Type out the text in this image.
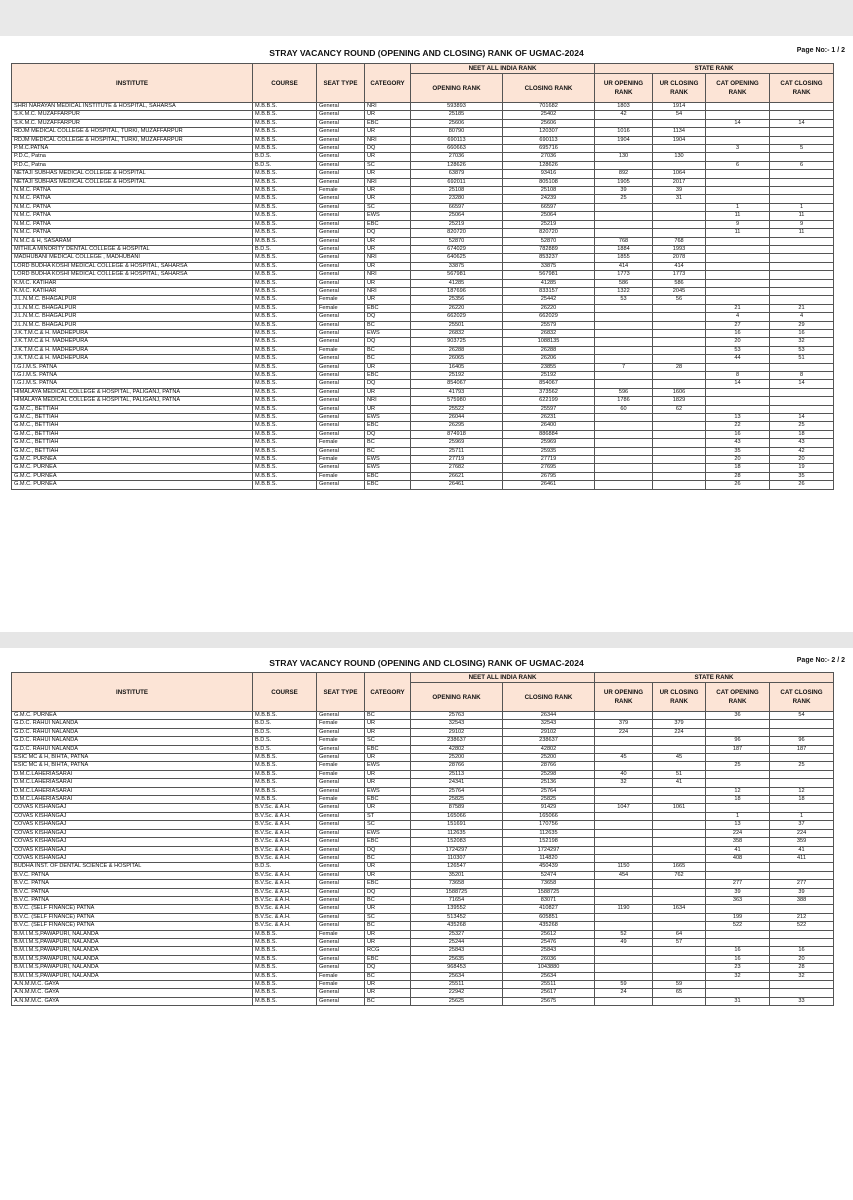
STRAY VACANCY ROUND (OPENING AND CLOSING) RANK OF UGMAC-2024	Page No:- 1 / 2
INSTITUTE	COURSE	SEAT TYPE	CATEGORY	NEET ALL INDIA RANK		STATE RANK			
				OPENING RANK	CLOSING RANK	UR OPENING RANK	UR CLOSING RANK	CAT OPENING RANK	CAT CLOSING RANK
SHRI NARAYAN MEDICAL INSTITUTE & HOSPITAL, SAHARSA	M.B.B.S.	General	NRI	593893	701682	1803	1914		
S.K.M.C. MUZAFFARPUR	M.B.B.S.	General	UR	25185	25402	42	54		
S.K.M.C. MUZAFFARPUR	M.B.B.S.	General	EBC	25606	25606			14	14
RDJM MEDICAL COLLEGE & HOSPITAL, TURKI, MUZAFFARPUR	M.B.B.S.	General	UR	80790	120307	1016	1134		
RDJM MEDICAL COLLEGE & HOSPITAL, TURKI, MUZAFFARPUR	M.B.B.S.	General	NRI	690113	690113	1904	1904		
P.M.C.PATNA	M.B.B.S.	General	DQ	660663	695716			3	5
P.D.C, Patna	B.D.S.	General	UR	27036	27036	130	130		
P.D.C, Patna	B.D.S.	General	SC	128626	128626			6	6
NETAJI SUBHAS MEDICAL COLLEGE & HOSPITAL	M.B.B.S.	General	UR	63879	93416	892	1064		
NETAJI SUBHAS MEDICAL COLLEGE & HOSPITAL	M.B.B.S.	General	NRI	692011	805108	1905	2017		
N.M.C. PATNA	M.B.B.S.	Female	UR	25108	25108	39	39		
N.M.C. PATNA	M.B.B.S.	General	UR	23280	24239	25	31		
N.M.C. PATNA	M.B.B.S.	General	SC	66597	66597			1	1
N.M.C. PATNA	M.B.B.S.	General	EWS	25064	25064			11	11
N.M.C. PATNA	M.B.B.S.	General	EBC	25219	25219			9	9
N.M.C. PATNA	M.B.B.S.	General	DQ	820720	820720			11	11
N.M.C & H, SASARAM	M.B.B.S.	General	UR	52870	52870	768	768		
MITHILA MINORITY DENTAL COLLEGE & HOSPITAL	B.D.S.	General	UR	674029	782889	1884	1993		
MADHUBANI MEDICAL COLLEGE , MADHUBANI	M.B.B.S.	General	NRI	640625	853237	1855	2078		
LORD BUDHA KOSHI MEDICAL COLLEGE & HOSPITAL, SAHARSA	M.B.B.S.	General	UR	33875	33875	414	414		
LORD BUDHA KOSHI MEDICAL COLLEGE & HOSPITAL, SAHARSA	M.B.B.S.	General	NRI	567981	567981	1773	1773		
K.M.C. KATIHAR	M.B.B.S.	General	UR	41285	41285	586	586		
K.M.C. KATIHAR	M.B.B.S.	General	NRI	187696	833157	1322	2045		
J.L.N.M.C. BHAGALPUR	M.B.B.S.	Female	UR	25356	25442	53	56		
J.L.N.M.C. BHAGALPUR	M.B.B.S.	Female	EBC	26220	26220			21	21
J.L.N.M.C. BHAGALPUR	M.B.B.S.	General	DQ	662029	662029			4	4
J.L.N.M.C. BHAGALPUR	M.B.B.S.	General	BC	25501	25579			27	29
J.K.T.M.C.& H. MADHEPURA	M.B.B.S.	General	EWS	26832	26832			16	16
J.K.T.M.C.& H. MADHEPURA	M.B.B.S.	General	DQ	903725	1088135			20	32
J.K.T.M.C.& H. MADHEPURA	M.B.B.S.	Female	BC	26288	26288			53	53
J.K.T.M.C.& H. MADHEPURA	M.B.B.S.	General	BC	26065	26206			44	51
I.G.I.M.S. PATNA	M.B.B.S.	General	UR	16405	23855	7	28		
I.G.I.M.S. PATNA	M.B.B.S.	General	EBC	25192	25192			8	8
I.G.I.M.S. PATNA	M.B.B.S.	General	DQ	854067	854067			14	14
HIMALAYA MEDICAL COLLEGE & HOSPITAL, PALIGANJ, PATNA	M.B.B.S.	General	UR	41793	373562	596	1606		
HIMALAYA MEDICAL COLLEGE & HOSPITAL, PALIGANJ, PATNA	M.B.B.S.	General	NRI	575980	622199	1786	1829		
G.M.C., BETTIAH	M.B.B.S.	General	UR	25522	25597	60	62		
G.M.C., BETTIAH	M.B.B.S.	General	EWS	26044	26231			13	14
G.M.C., BETTIAH	M.B.B.S.	General	EBC	26295	26400			22	25
G.M.C., BETTIAH	M.B.B.S.	General	DQ	874918	886884			16	18
G.M.C., BETTIAH	M.B.B.S.	Female	BC	25969	25969			43	43
G.M.C., BETTIAH	M.B.B.S.	General	BC	25711	25935			35	42
G.M.C. PURNEA	M.B.B.S.	Female	EWS	27719	27719			20	20
G.M.C. PURNEA	M.B.B.S.	General	EWS	27682	27695			18	19
G.M.C. PURNEA	M.B.B.S.	Female	EBC	26621	26795			28	35
G.M.C. PURNEA	M.B.B.S.	General	EBC	26461	26461			26	26
STRAY VACANCY ROUND (OPENING AND CLOSING) RANK OF UGMAC-2024	Page No:- 2 / 2
INSTITUTE	COURSE	SEAT TYPE	CATEGORY	NEET ALL INDIA RANK		STATE RANK			
				OPENING RANK	CLOSING RANK	UR OPENING RANK	UR CLOSING RANK	CAT OPENING RANK	CAT CLOSING RANK
G.M.C. PURNEA	M.B.B.S.	General	BC	25763	26344			36	54
G.D.C. RAHUI NALANDA	B.D.S.	Female	UR	32543	32543	379	379		
G.D.C. RAHUI NALANDA	B.D.S.	General	UR	29102	29102	224	224		
G.D.C. RAHUI NALANDA	B.D.S.	Female	SC	238637	238637			96	96
G.D.C. RAHUI NALANDA	B.D.S.	General	EBC	42802	42802			187	187
ESIC MC & H, BIHTA, PATNA	M.B.B.S.	General	UR	25200	25200	45	45		
ESIC MC & H, BIHTA, PATNA	M.B.B.S.	Female	EWS	28766	28766			25	25
D.M.C.LAHERIASARAI	M.B.B.S.	Female	UR	25113	25298	40	51		
D.M.C.LAHERIASARAI	M.B.B.S.	General	UR	24341	25136	32	41		
D.M.C.LAHERIASARAI	M.B.B.S.	General	EWS	25764	25764			12	12
D.M.C.LAHERIASARAI	M.B.B.S.	Female	EBC	25825	25825			18	18
COVAS KISHANGAJ	B.V.Sc. & A.H.	General	UR	87589	91429	1047	1061		
COVAS KISHANGAJ	B.V.Sc. & A.H.	General	ST	165066	165066			1	1
COVAS KISHANGAJ	B.V.Sc. & A.H.	General	SC	151691	170756			13	37
COVAS KISHANGAJ	B.V.Sc. & A.H.	General	EWS	112635	112635			224	224
COVAS KISHANGAJ	B.V.Sc. & A.H.	General	EBC	152083	152198			358	359
COVAS KISHANGAJ	B.V.Sc. & A.H.	General	DQ	1724297	1724297			41	41
COVAS KISHANGAJ	B.V.Sc. & A.H.	General	BC	110307	114820			408	411
BUDHA INST. OF DENTAL SCIENCE & HOSPITAL	B.D.S.	General	UR	126547	450439	1150	1665		
B.V.C. PATNA	B.V.Sc. & A.H.	General	UR	35201	52474	454	762		
B.V.C. PATNA	B.V.Sc. & A.H.	General	EBC	73658	73658			277	277
B.V.C. PATNA	B.V.Sc. & A.H.	General	DQ	1588725	1588725			39	39
B.V.C. PATNA	B.V.Sc. & A.H.	General	BC	71654	83071			363	388
B.V.C. (SELF FINANCE) PATNA	B.V.Sc. & A.H.	General	UR	139552	410827	1190	1634		
B.V.C. (SELF FINANCE) PATNA	B.V.Sc. & A.H.	General	SC	513452	605851			199	212
B.V.C. (SELF FINANCE) PATNA	B.V.Sc. & A.H.	General	BC	435268	435268			522	522
B.M.I.M.S,PAWAPURI, NALANDA	M.B.B.S.	Female	UR	25327	25612	52	64		
B.M.I.M.S,PAWAPURI, NALANDA	M.B.B.S.	General	UR	25244	25476	49	57		
B.M.I.M.S,PAWAPURI, NALANDA	M.B.B.S.	General	RCG	25843	25843			16	16
B.M.I.M.S,PAWAPURI, NALANDA	M.B.B.S.	General	EBC	25635	26036			16	20
B.M.I.M.S,PAWAPURI, NALANDA	M.B.B.S.	General	DQ	968453	1043880			23	28
B.M.I.M.S,PAWAPURI, NALANDA	M.B.B.S.	Female	BC	25634	25634			32	32
A.N.M.M.C. GAYA	M.B.B.S.	Female	UR	25511	25511	59	59		
A.N.M.M.C. GAYA	M.B.B.S.	General	UR	22942	25617	24	65		
A.N.M.M.C. GAYA	M.B.B.S.	General	BC	25625	25675			31	33
